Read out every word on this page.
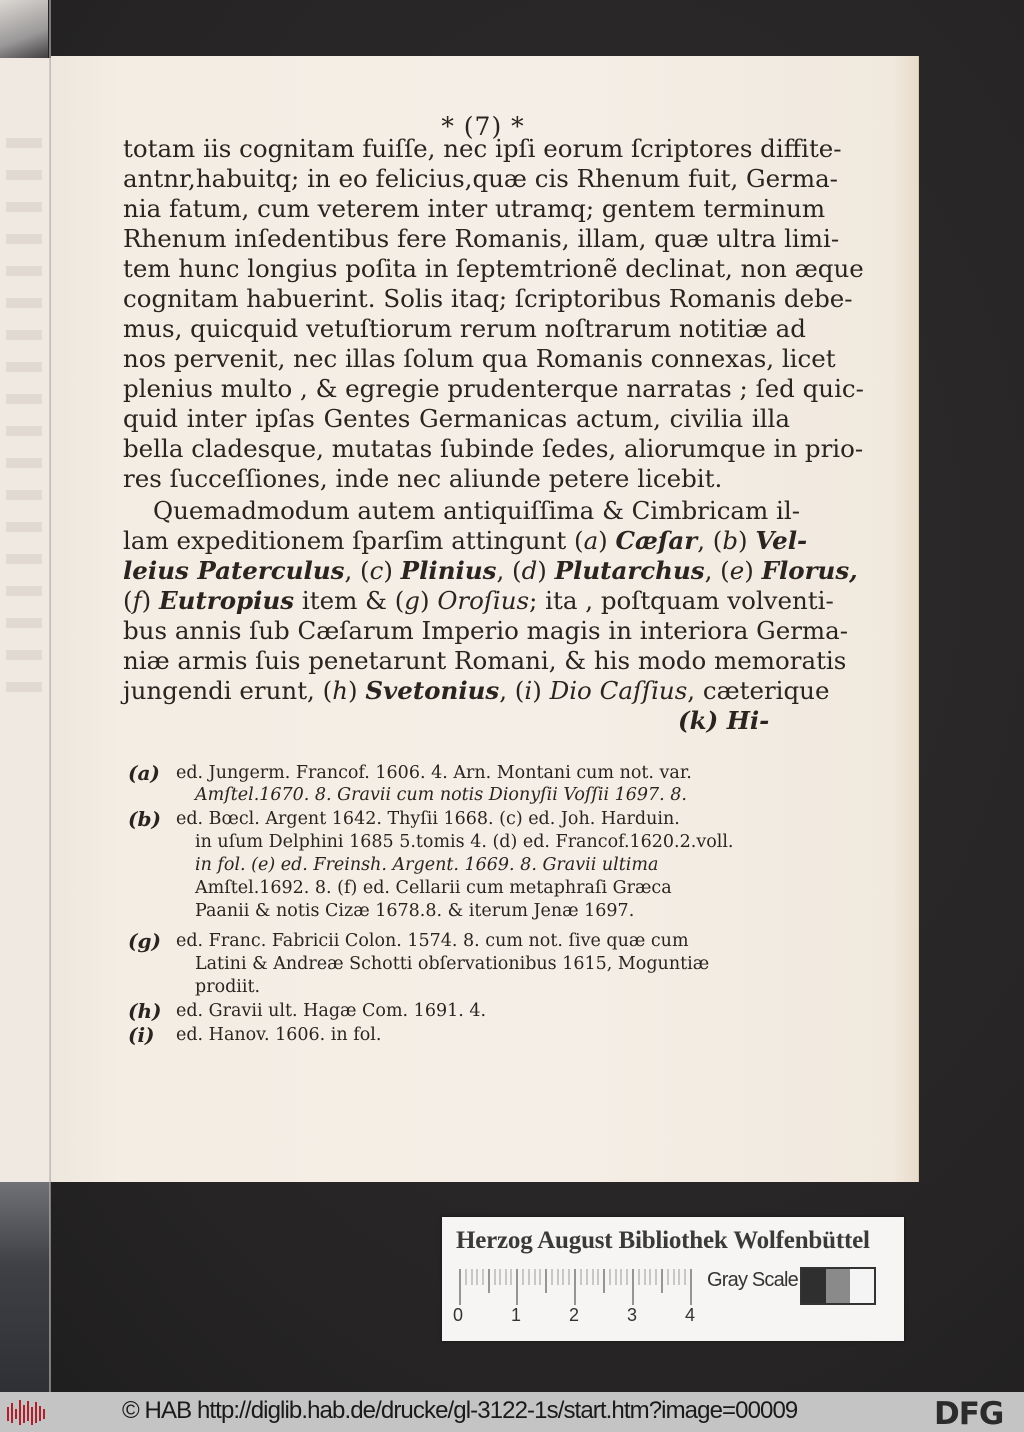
* (7) *
totam iis cognitam fuiſſe, nec ipſi eorum ſcriptores diffite-
antnr,habuitq; in eo felicius,quæ cis Rhenum fuit, Germa-
nia fatum, cum veterem inter utramq; gentem terminum
Rhenum inſedentibus fere Romanis, illam, quæ ultra limi-
tem hunc longius poſita in ſeptemtrionẽ declinat, non æque
cognitam habuerint. Solis itaq; ſcriptoribus Romanis debe-
mus, quicquid vetuſtiorum rerum noſtrarum notitiæ ad
nos pervenit, nec illas ſolum qua Romanis connexas, licet
plenius multo , & egregie prudenterque narratas ; ſed quic-
quid inter ipſas Gentes Germanicas actum, civilia illa
bella cladesque, mutatas ſubinde ſedes, aliorumque in prio-
res ſucceſſiones, inde nec aliunde petere licebit.
Quemadmodum autem antiquiſſima & Cimbricam il-
lam expeditionem ſparſim attingunt (a) Cæſar, (b) Vel-
leius Paterculus, (c) Plinius, (d) Plutarchus, (e) Florus,
(f) Eutropius item & (g) Oroſius; ita , poſtquam volventi-
bus annis ſub Cæſarum Imperio magis in interiora Germa-
niæ armis ſuis penetarunt Romani, & his modo memoratis
jungendi erunt, (h) Svetonius, (i) Dio Caſſius, cæterique
(k) Hi-
(a) ed. Jungerm. Francof. 1606. 4. Arn. Montani cum not. var.
Amſtel.1670. 8. Gravii cum notis Dionyſii Voſſii 1697. 8.
(b) ed. Bœcl. Argent 1642. Thyſii 1668. (c) ed. Joh. Harduin.
in uſum Delphini 1685 5.tomis 4. (d) ed. Francof.1620.2.voll.
in fol. (e) ed. Freinsh. Argent. 1669. 8. Gravii ultima
Amſtel.1692. 8. (f) ed. Cellarii cum metaphraſi Græca
Paanii & notis Cizæ 1678.8. & iterum Jenæ 1697.
(g) ed. Franc. Fabricii Colon. 1574. 8. cum not. ſive quæ cum
Latini & Andreæ Schotti obſervationibus 1615, Moguntiæ
prodiit.
(h) ed. Gravii ult. Hagæ Com. 1691. 4.
(i) ed. Hanov. 1606. in fol.
Herzog August Bibliothek Wolfenbüttel
0	1	2	3	4
Gray Scale
© HAB http://diglib.hab.de/drucke/gl-3122-1s/start.htm?image=00009	DFG
